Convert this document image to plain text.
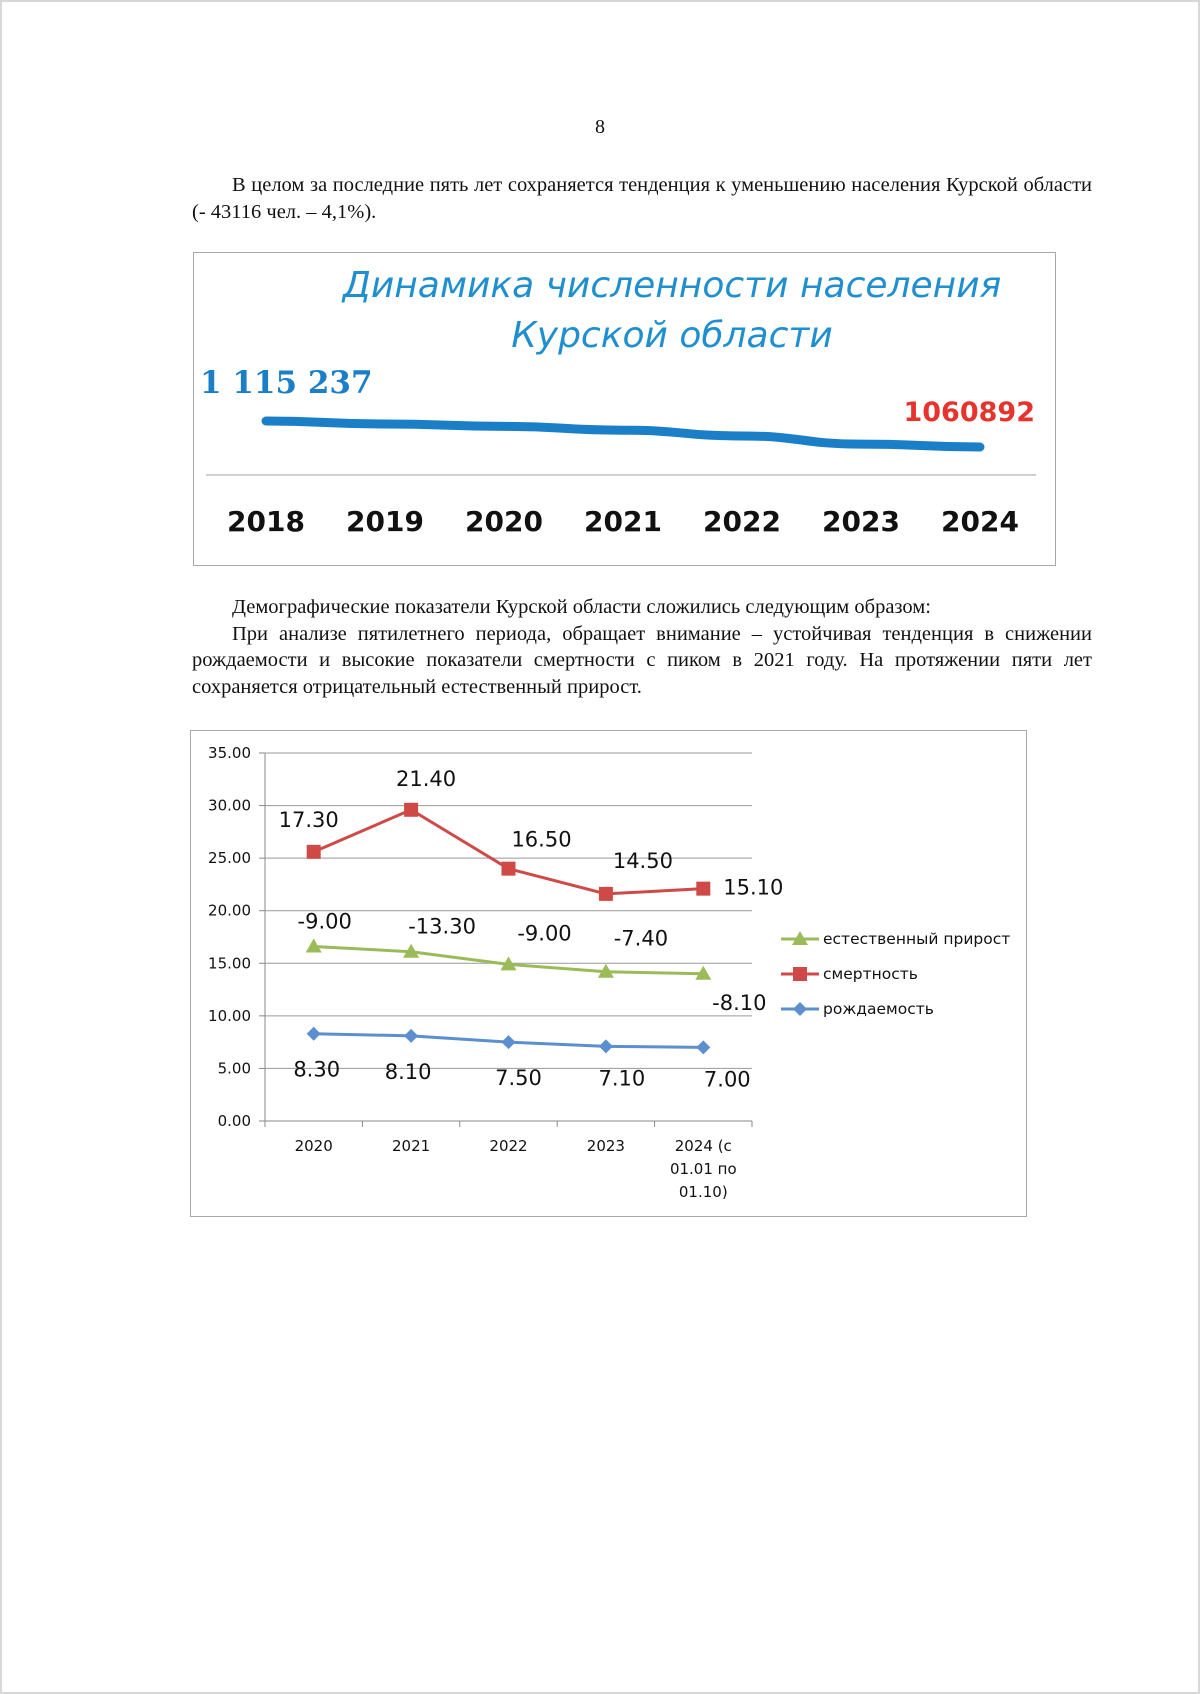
8
В целом за последние пять лет сохраняется тенденция к уменьшению населения Курской области (- 43116 чел. – 4,1%).
Динамика численности населения
Курской области
1 115 237
1060892
2018 2019 2020 2021 2022 2023 2024

Демографические показатели Курской области сложились следующим образом:

При анализе пятилетнего периода, обращает внимание – устойчивая тенденция в снижении рождаемости и высокие показатели смертности с пиком в 2021 году. На протяжении пяти лет сохраняется отрицательный естественный прирост.

0.00
5.00
10.00
15.00
20.00
25.00
30.00
35.00
2020	2021	2022	2023	2024 (с
01.01 по
01.10)
-9.00	-13.30 -9.00 -7.40
-8.10
17.30
21.40
16.50
14.50
15.10
8.30 8.10	7.50	7.10	7.00
естественный прирост
смертность
рождаемость
